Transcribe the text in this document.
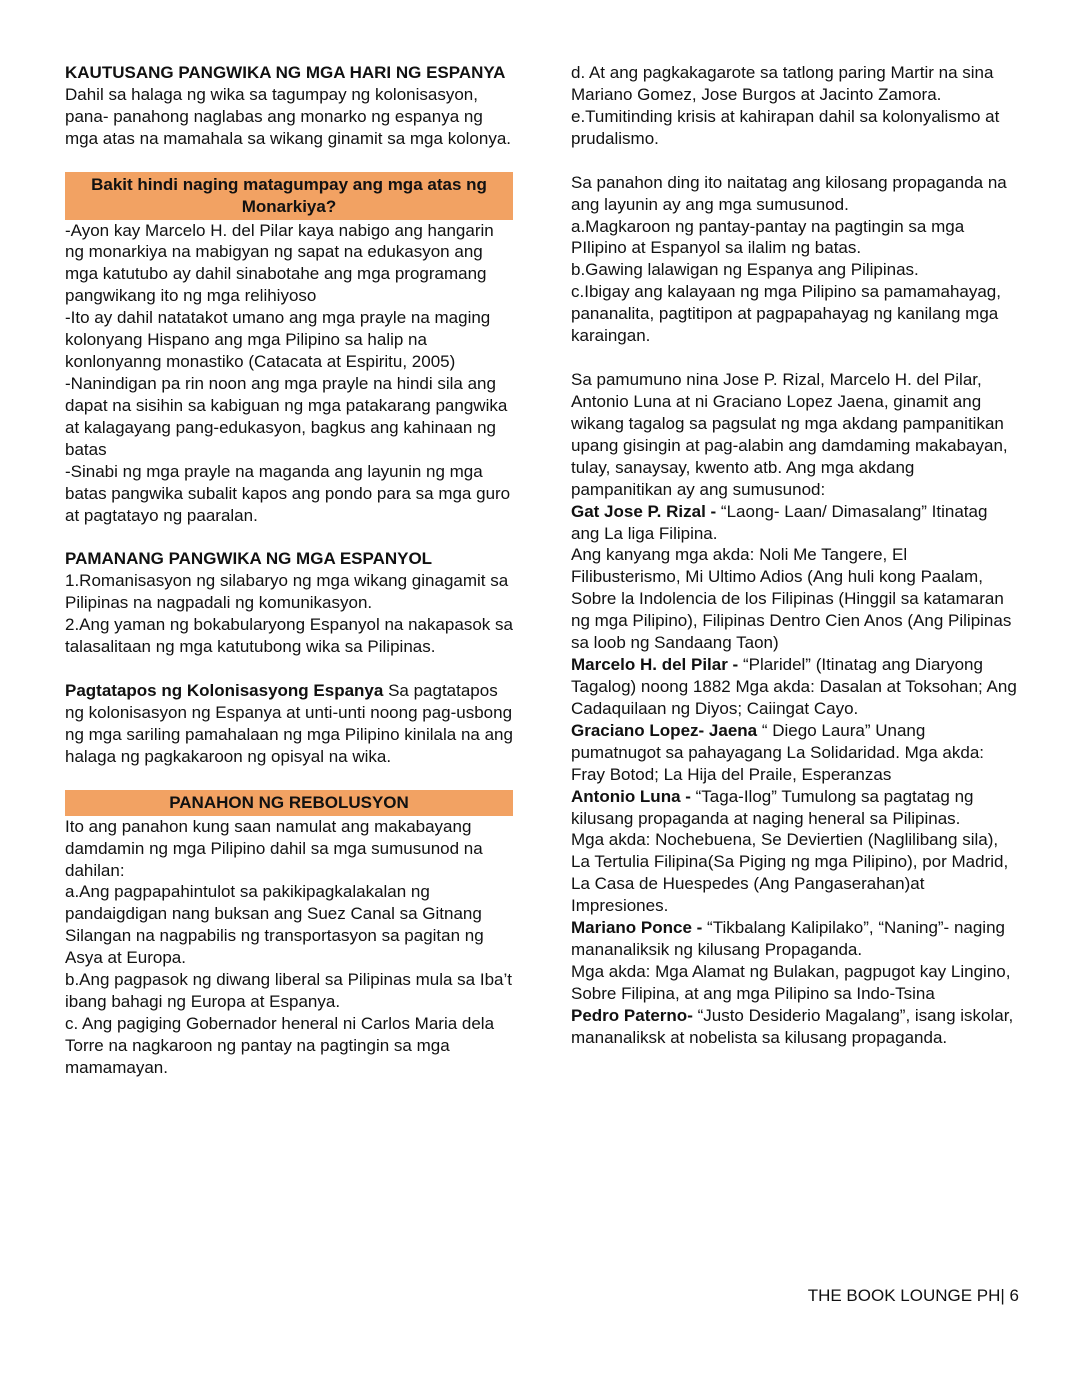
KAUTUSANG PANGWIKA NG MGA HARI NG ESPANYA Dahil sa halaga ng wika sa tagumpay ng kolonisasyon, pana- panahong naglabas ang monarko ng espanya ng mga atas na mamahala sa wikang ginamit sa mga kolonya.

Bakit hindi naging matagumpay ang mga atas ng Monarkiya?

-Ayon kay Marcelo H. del Pilar kaya nabigo ang hangarin ng monarkiya na mabigyan ng sapat na edukasyon ang mga katutubo ay dahil sinabotahe ang mga programang pangwikang ito ng mga relihiyoso

-Ito ay dahil natatakot umano ang mga prayle na maging kolonyang Hispano ang mga Pilipino sa halip na konlonyanng monastiko (Catacata at Espiritu, 2005)

-Nanindigan pa rin noon ang mga prayle na hindi sila ang dapat na sisihin sa kabiguan ng mga patakarang pangwika at kalagayang pang-edukasyon, bagkus ang kahinaan ng batas

-Sinabi ng mga prayle na maganda ang layunin ng mga batas pangwika subalit kapos ang pondo para sa mga guro at pagtatayo ng paaralan.

PAMANANG PANGWIKA NG MGA ESPANYOL

1.Romanisasyon ng silabaryo ng mga wikang ginagamit sa Pilipinas na nagpadali ng komunikasyon.

2.Ang yaman ng bokabularyong Espanyol na nakapasok sa talasalitaan ng mga katutubong wika sa Pilipinas.

Pagtatapos ng Kolonisasyong Espanya Sa pagtatapos ng kolonisasyon ng Espanya at unti-unti noong pag-usbong ng mga sariling pamahalaan ng mga Pilipino kinilala na ang halaga ng pagkakaroon ng opisyal na wika.

PANAHON NG REBOLUSYON

Ito ang panahon kung saan namulat ang makabayang damdamin ng mga Pilipino dahil sa mga sumusunod na dahilan:

a.Ang pagpapahintulot sa pakikipagkalakalan ng pandaigdigan nang buksan ang Suez Canal sa Gitnang Silangan na nagpabilis ng transportasyon sa pagitan ng Asya at Europa.

b.Ang pagpasok ng diwang liberal sa Pilipinas mula sa Iba’t ibang bahagi ng Europa at Espanya.

c. Ang pagiging Gobernador heneral ni Carlos Maria dela Torre na nagkaroon ng pantay na pagtingin sa mga mamamayan.

d. At ang pagkakagarote sa tatlong paring Martir na sina Mariano Gomez, Jose Burgos at Jacinto Zamora.

e.Tumitinding krisis at kahirapan dahil sa kolonyalismo at prudalismo.

Sa panahon ding ito naitatag ang kilosang propaganda na ang layunin ay ang mga sumusunod.

a.Magkaroon ng pantay-pantay na pagtingin sa mga PIlipino at Espanyol sa ilalim ng batas.

b.Gawing lalawigan ng Espanya ang Pilipinas.

c.Ibigay ang kalayaan ng mga Pilipino sa pamamahayag, pananalita, pagtitipon at pagpapahayag ng kanilang mga karaingan.

Sa pamumuno nina Jose P. Rizal, Marcelo H. del Pilar, Antonio Luna at ni Graciano Lopez Jaena, ginamit ang wikang tagalog sa pagsulat ng mga akdang pampanitikan upang gisingin at pag-alabin ang damdaming makabayan, tulay, sanaysay, kwento atb. Ang mga akdang pampanitikan ay ang sumusunod:

Gat Jose P. Rizal - “Laong- Laan/ Dimasalang” Itinatag ang La liga Filipina.

Ang kanyang mga akda: Noli Me Tangere, El Filibusterismo, Mi Ultimo Adios (Ang huli kong Paalam, Sobre la Indolencia de los Filipinas (Hinggil sa katamaran ng mga Pilipino), Filipinas Dentro Cien Anos (Ang Pilipinas sa loob ng Sandaang Taon)

Marcelo H. del Pilar - “Plaridel” (Itinatag ang Diaryong Tagalog) noong 1882 Mga akda: Dasalan at Toksohan; Ang Cadaquilaan ng Diyos; Caiingat Cayo.

Graciano Lopez- Jaena “ Diego Laura” Unang pumatnugot sa pahayagang La Solidaridad. Mga akda: Fray Botod; La Hija del Praile, Esperanzas

Antonio Luna - “Taga-Ilog” Tumulong sa pagtatag ng kilusang propaganda at naging heneral sa Pilipinas.

Mga akda: Nochebuena, Se Deviertien (Naglilibang sila), La Tertulia Filipina(Sa Piging ng mga Pilipino), por Madrid, La Casa de Huespedes (Ang Pangaserahan)at Impresiones.

Mariano Ponce - “Tikbalang Kalipilako”, “Naning”- naging mananaliksik ng kilusang Propaganda.

Mga akda: Mga Alamat ng Bulakan, pagpugot kay Lingino, Sobre Filipina, at ang mga Pilipino sa Indo-Tsina

Pedro Paterno- “Justo Desiderio Magalang”, isang iskolar, mananaliksk at nobelista sa kilusang propaganda.

THE BOOK LOUNGE PH| 6
